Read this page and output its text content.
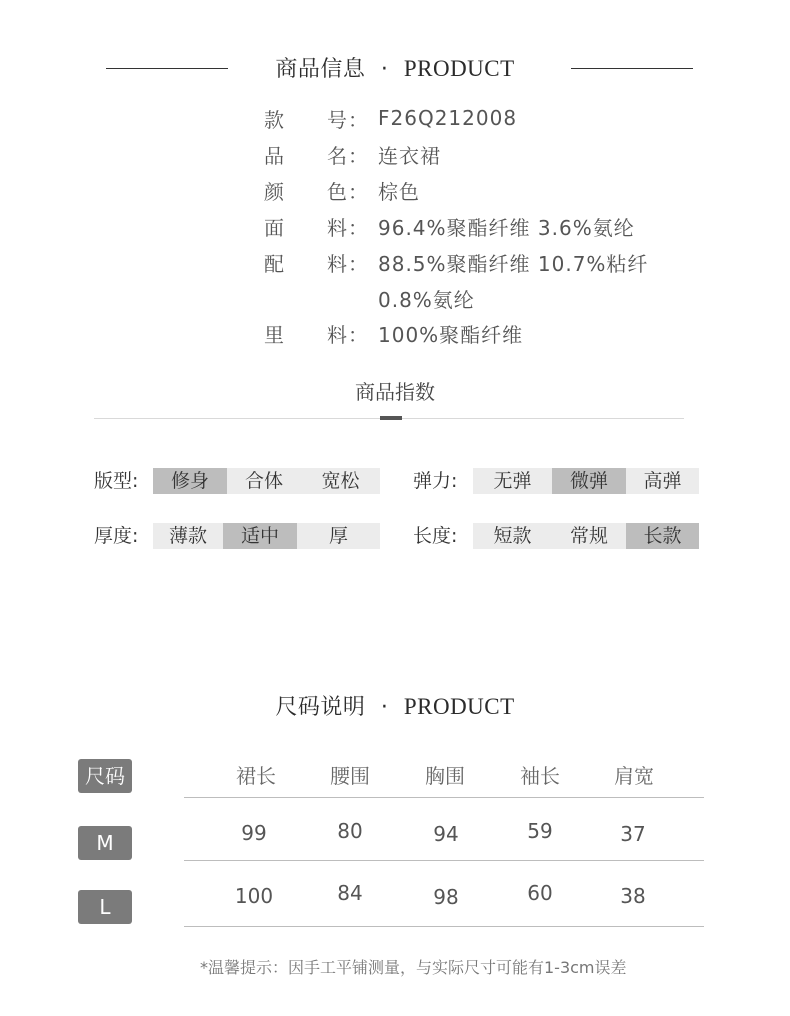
商品信息 · PRODUCT
款　　号： F26Q212008
品　　名： 连衣裙
颜　　色： 棕色
面　　料： 96.4%聚酯纤维 3.6%氨纶
配　　料： 88.5%聚酯纤维 10.7%粘纤
0.8%氨纶
里　　料： 100%聚酯纤维
商品指数
版型:	修身	合体	宽松	弹力:	无弹	微弹	高弹
厚度:	薄款	适中	厚	长度:	短款	常规	长款
尺码说明 · PRODUCT
尺码	裙长	腰围	胸围	袖长	肩宽
M	99	80	94	59	37
L	100	84	98	60	38
*温馨提示：因手工平铺测量，与实际尺寸可能有1-3cm误差
